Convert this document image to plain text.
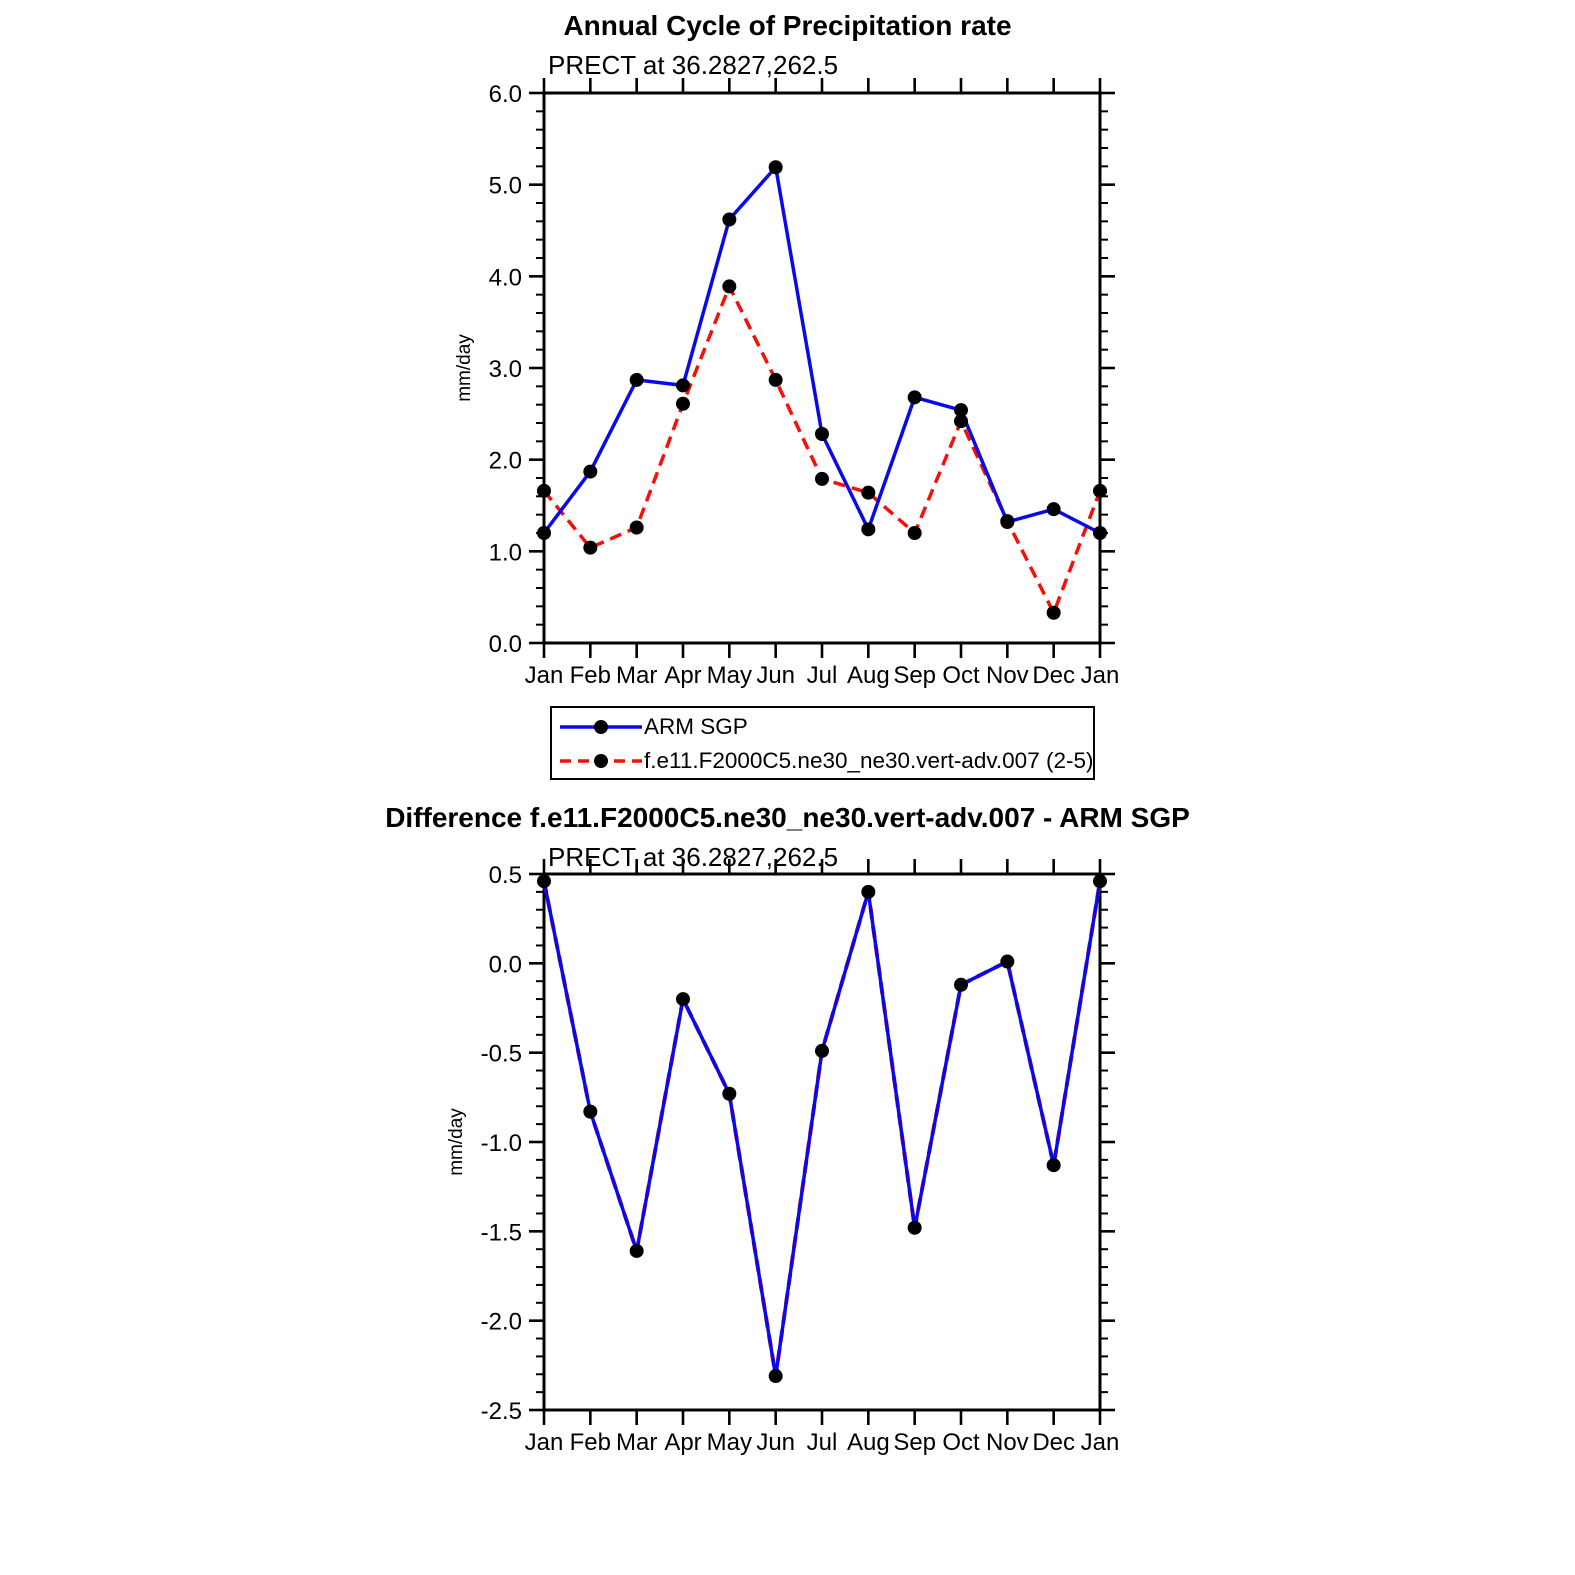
Annual Cycle of Precipitation rate
PRECT at 36.2827,262.5
0.0
1.0
2.0
3.0
4.0
5.0
6.0
Jan Feb Mar Apr May Jun Jul Aug Sep Oct Nov Dec Jan
mm/day
-2.5
-2.0
-1.5
-1.0
-0.5
0.0
0.5
Jan Feb Mar Apr May Jun Jul Aug Sep Oct Nov Dec Jan
mm/day
ARM SGP
f.e11.F2000C5.ne30_ne30.vert-adv.007 (2-5)
Difference f.e11.F2000C5.ne30_ne30.vert-adv.007 - ARM SGP
PRECT at 36.2827,262.5
